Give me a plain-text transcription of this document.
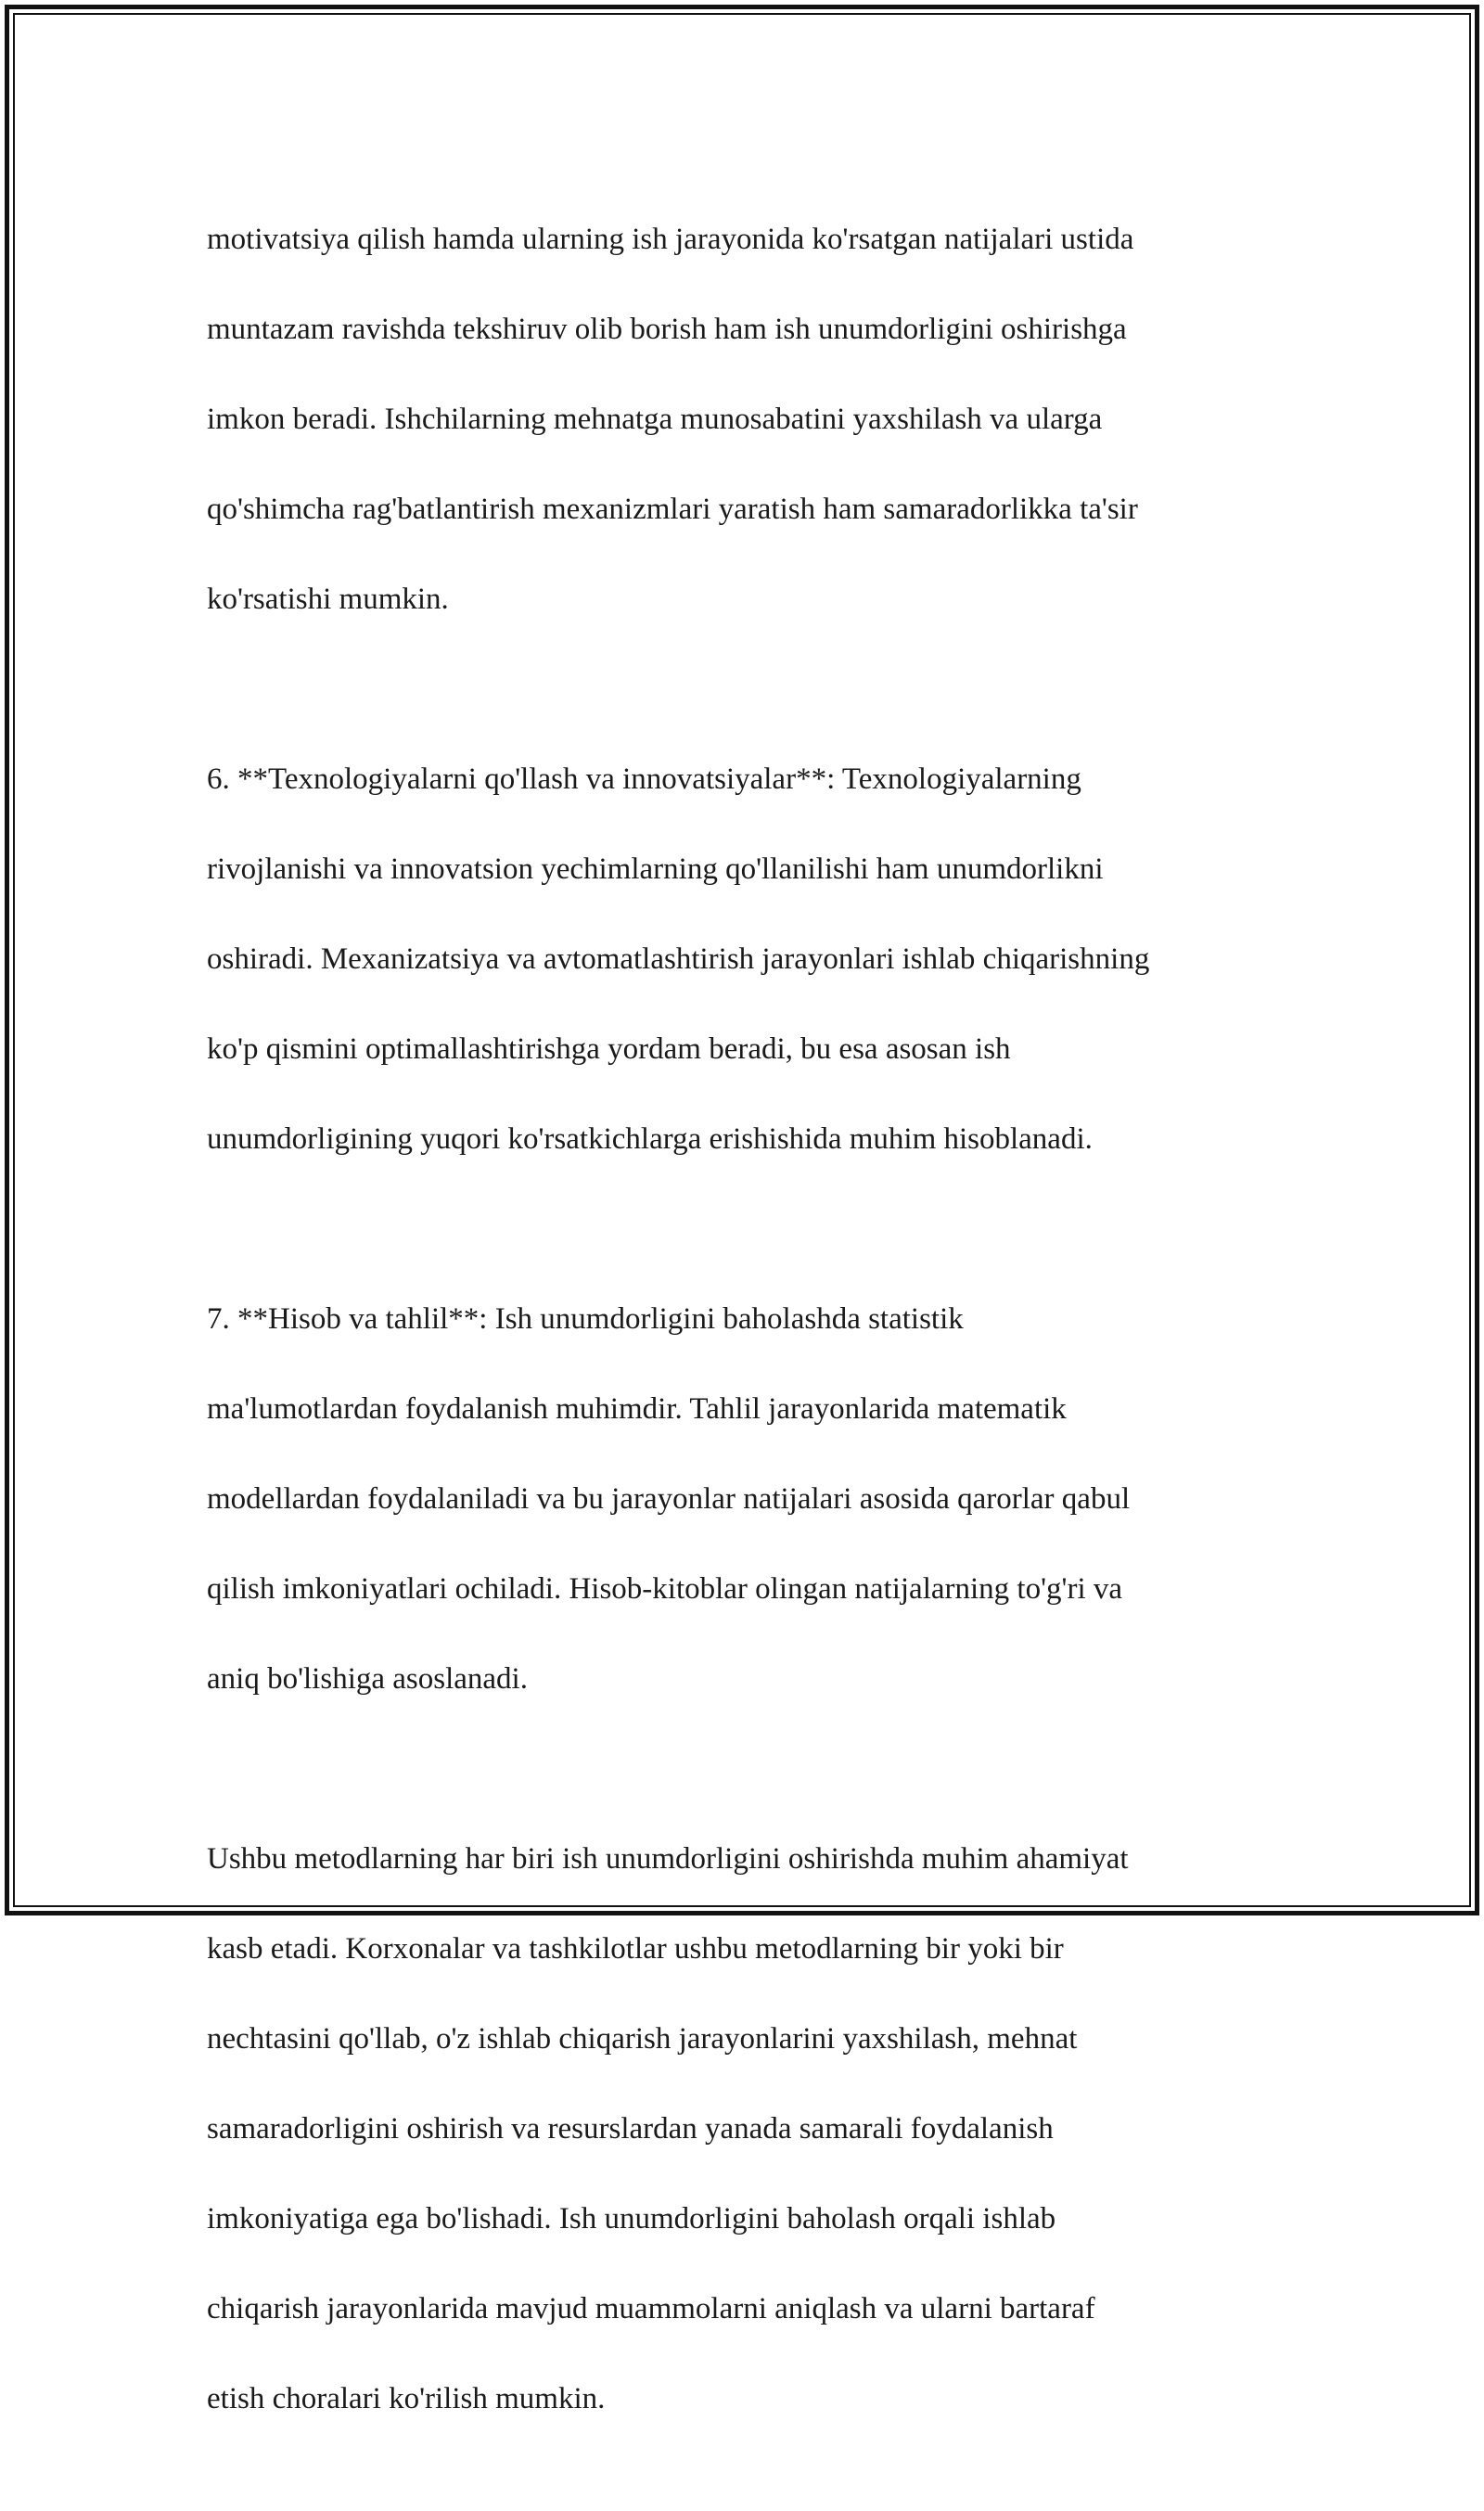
motivatsiya qilish hamda ularning ish jarayonida ko'rsatgan natijalari ustida

muntazam ravishda tekshiruv olib borish ham ish unumdorligini oshirishga

imkon beradi. Ishchilarning mehnatga munosabatini yaxshilash va ularga

qo'shimcha rag'batlantirish mexanizmlari yaratish ham samaradorlikka ta'sir

ko'rsatishi mumkin.

6. **Texnologiyalarni qo'llash va innovatsiyalar**: Texnologiyalarning

rivojlanishi va innovatsion yechimlarning qo'llanilishi ham unumdorlikni

oshiradi. Mexanizatsiya va avtomatlashtirish jarayonlari ishlab chiqarishning

ko'p qismini optimallashtirishga yordam beradi, bu esa asosan ish

unumdorligining yuqori ko'rsatkichlarga erishishida muhim hisoblanadi.

7. **Hisob va tahlil**: Ish unumdorligini baholashda statistik

ma'lumotlardan foydalanish muhimdir. Tahlil jarayonlarida matematik

modellardan foydalaniladi va bu jarayonlar natijalari asosida qarorlar qabul

qilish imkoniyatlari ochiladi. Hisob-kitoblar olingan natijalarning to'g'ri va

aniq bo'lishiga asoslanadi.

Ushbu metodlarning har biri ish unumdorligini oshirishda muhim ahamiyat

kasb etadi. Korxonalar va tashkilotlar ushbu metodlarning bir yoki bir

nechtasini qo'llab, o'z ishlab chiqarish jarayonlarini yaxshilash, mehnat

samaradorligini oshirish va resurslardan yanada samarali foydalanish

imkoniyatiga ega bo'lishadi. Ish unumdorligini baholash orqali ishlab

chiqarish jarayonlarida mavjud muammolarni aniqlash va ularni bartaraf

etish choralari ko'rilish mumkin.
